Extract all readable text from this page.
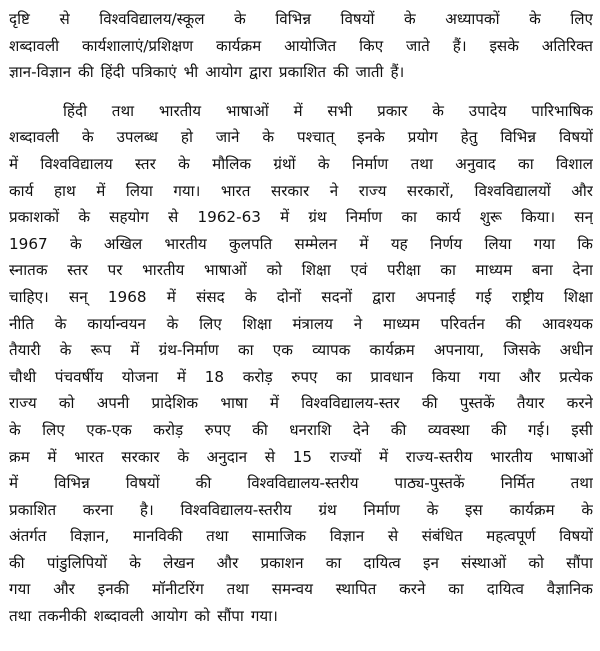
दृष्टि से विश्वविद्यालय/स्कूल के विभिन्न विषयों के अध्यापकों के लिए
शब्दावली कार्यशालाएं/प्रशिक्षण कार्यक्रम आयोजित किए जाते हैं। इसके अतिरिक्त
ज्ञान-विज्ञान की हिंदी पत्रिकाएं भी आयोग द्वारा प्रकाशित की जाती हैं।
हिंदी तथा भारतीय भाषाओं में सभी प्रकार के उपादेय पारिभाषिक
शब्दावली के उपलब्ध हो जाने के पश्चात् इनके प्रयोग हेतु विभिन्न विषयों
में विश्वविद्यालय स्तर के मौलिक ग्रंथों के निर्माण तथा अनुवाद का विशाल
कार्य हाथ में लिया गया। भारत सरकार ने राज्य सरकारों, विश्वविद्यालयों और
प्रकाशकों के सहयोग से 1962-63 में ग्रंथ निर्माण का कार्य शुरू किया। सन्
1967 के अखिल भारतीय कुलपति सम्मेलन में यह निर्णय लिया गया कि
स्नातक स्तर पर भारतीय भाषाओं को शिक्षा एवं परीक्षा का माध्यम बना देना
चाहिए। सन् 1968 में संसद के दोनों सदनों द्वारा अपनाई गई राष्ट्रीय शिक्षा
नीति के कार्यान्वयन के लिए शिक्षा मंत्रालय ने माध्यम परिवर्तन की आवश्यक
तैयारी के रूप में ग्रंथ-निर्माण का एक व्यापक कार्यक्रम अपनाया, जिसके अधीन
चौथी पंचवर्षीय योजना में 18 करोड़ रुपए का प्रावधान किया गया और प्रत्येक
राज्य को अपनी प्रादेशिक भाषा में विश्वविद्यालय-स्तर की पुस्तकें तैयार करने
के लिए एक-एक करोड़ रुपए की धनराशि देने की व्यवस्था की गई। इसी
क्रम में भारत सरकार के अनुदान से 15 राज्यों में राज्य-स्तरीय भारतीय भाषाओं
में विभिन्न विषयों की विश्वविद्यालय-स्तरीय पाठ्य-पुस्तकें निर्मित तथा
प्रकाशित करना है। विश्वविद्यालय-स्तरीय ग्रंथ निर्माण के इस कार्यक्रम के
अंतर्गत विज्ञान, मानविकी तथा सामाजिक विज्ञान से संबंधित महत्वपूर्ण विषयों
की पांडुलिपियों के लेखन और प्रकाशन का दायित्व इन संस्थाओं को सौंपा
गया और इनकी मॉनीटरिंग तथा समन्वय स्थापित करने का दायित्व वैज्ञानिक
तथा तकनीकी शब्दावली आयोग को सौंपा गया।
